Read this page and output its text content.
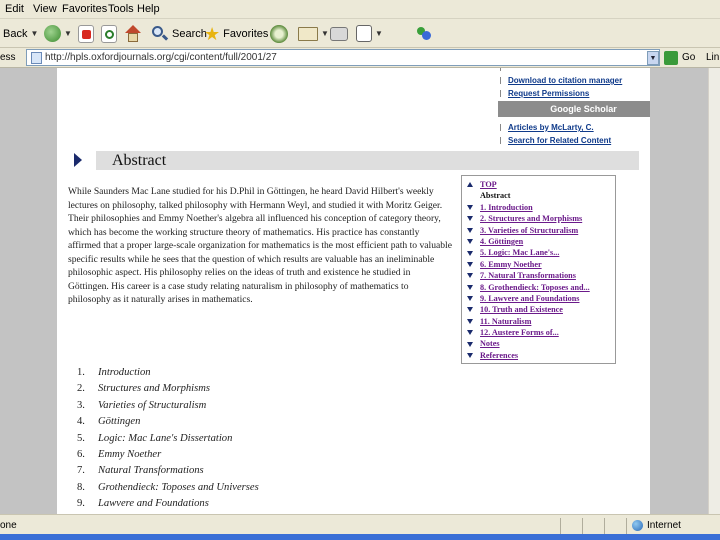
Edit View Favorites Tools Help
Back ▼	▼	Search
★ Favorites	▼	▼
ess
http://hpls.oxfordjournals.org/cgi/content/full/2001/27	▼	Go Lin
Download to citation manager
Request Permissions
Google Scholar
Articles by McLarty, C.
Search for Related Content
Abstract
While Saunders Mac Lane studied for his D.Phil in Göttingen, he heard David Hilbert's weekly lectures on philosophy, talked philosophy with Hermann Weyl, and studied it with Moritz Geiger. Their philosophies and Emmy Noether's algebra all influenced his conception of category theory, which has become the working structure theory of mathematics. His practice has constantly affirmed that a proper large-scale organization for mathematics is the most efficient path to valuable specific results while he sees that the question of which results are valuable has an ineliminable philosophic aspect. His philosophy relies on the ideas of truth and existence he studied in Göttingen. His career is a case study relating naturalism in philosophy of mathematics to philosophy as it naturally arises in mathematics.
TOP
Abstract
1. Introduction
2. Structures and Morphisms
3. Varieties of Structuralism
4. Göttingen
5. Logic: Mac Lane's...
6. Emmy Noether
7. Natural Transformations
8. Grothendieck: Toposes and...
9. Lawvere and Foundations
10. Truth and Existence
11. Naturalism
12. Austere Forms of...
Notes
References
1. Introduction
2. Structures and Morphisms
3. Varieties of Structuralism
4. Göttingen
5. Logic: Mac Lane's Dissertation
6. Emmy Noether
7. Natural Transformations
8. Grothendieck: Toposes and Universes
9. Lawvere and Foundations
one	Internet
